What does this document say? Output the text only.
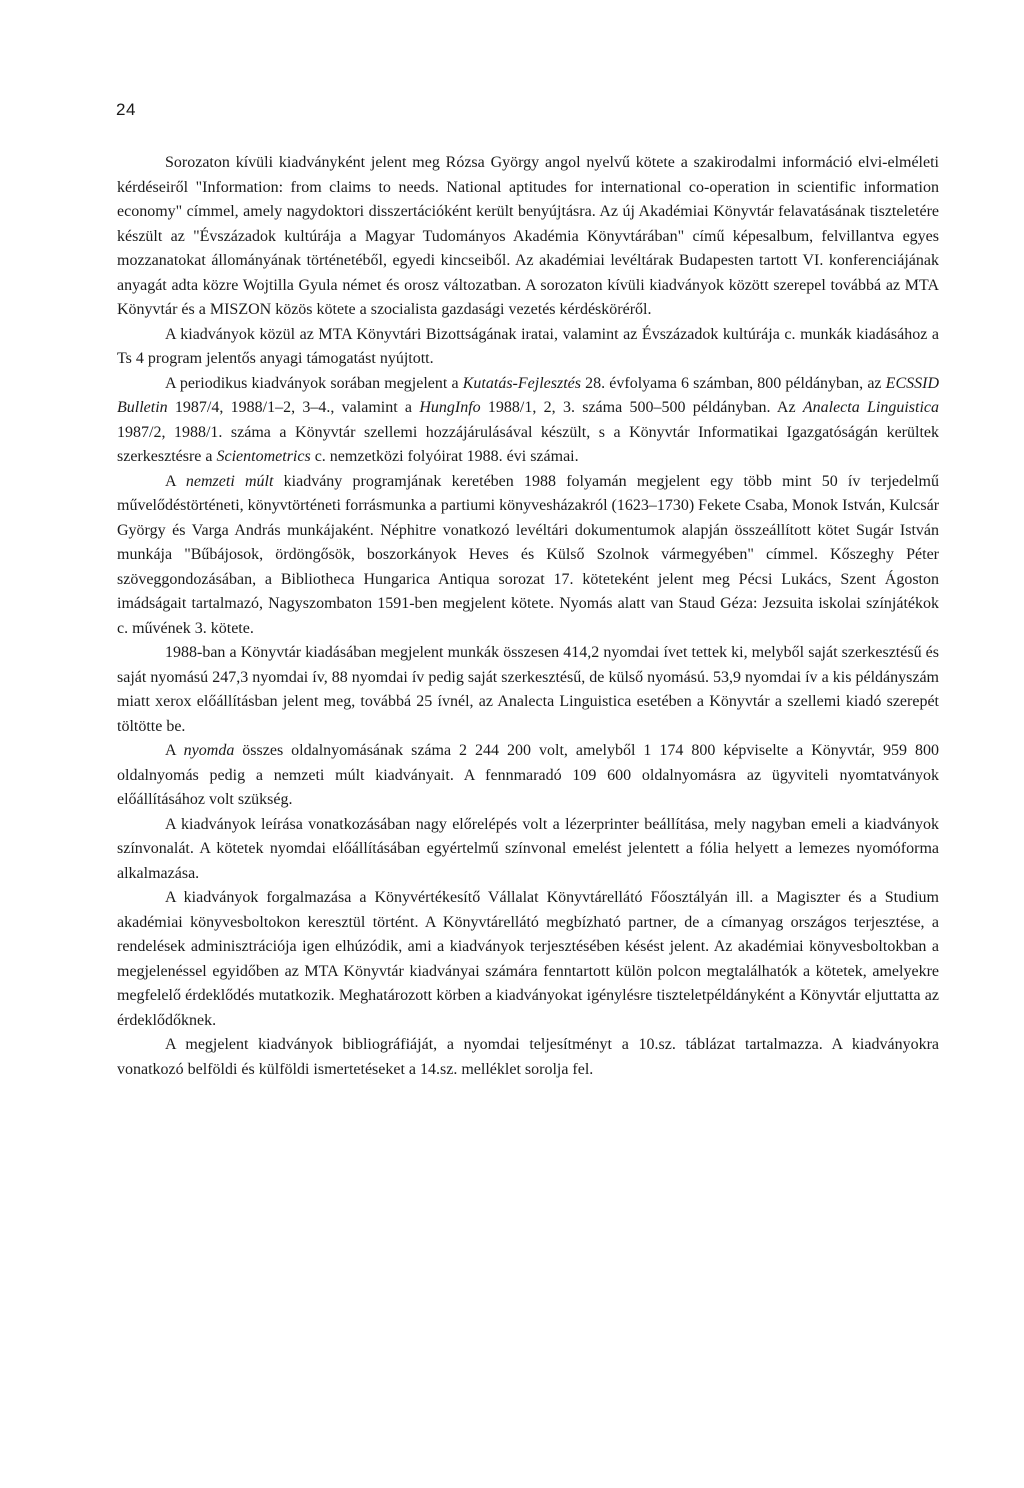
24

Sorozaton kívüli kiadványként jelent meg Rózsa György angol nyelvű kötete a szakirodalmi információ elvi-elméleti kérdéseiről "Information: from claims to needs. National aptitudes for international co-operation in scientific information economy" címmel, amely nagydoktori disszertációként került benyújtásra. Az új Akadémiai Könyvtár felavatásának tiszteletére készült az "Évszázadok kultúrája a Magyar Tudományos Akadémia Könyvtárában" című képesalbum, felvillantva egyes mozzanatokat állományának történetéből, egyedi kincseiből. Az akadémiai levéltárak Budapesten tartott VI. konferenciájának anyagát adta közre Wojtilla Gyula német és orosz változatban. A sorozaton kívüli kiadványok között szerepel továbbá az MTA Könyvtár és a MISZON közös kötete a szocialista gazdasági vezetés kérdésköréről.

A kiadványok közül az MTA Könyvtári Bizottságának iratai, valamint az Évszázadok kultúrája c. munkák kiadásához a Ts 4 program jelentős anyagi támogatást nyújtott.

A periodikus kiadványok sorában megjelent a Kutatás-Fejlesztés 28. évfolyama 6 számban, 800 példányban, az ECSSID Bulletin 1987/4, 1988/1–2, 3–4., valamint a HungInfo 1988/1, 2, 3. száma 500–500 példányban. Az Analecta Linguistica 1987/2, 1988/1. száma a Könyvtár szellemi hozzájárulásával készült, s a Könyvtár Informatikai Igazgatóságán kerültek szerkesztésre a Scientometrics c. nemzetközi folyóirat 1988. évi számai.

A nemzeti múlt kiadvány programjának keretében 1988 folyamán megjelent egy több mint 50 ív terjedelmű művelődéstörténeti, könyvtörténeti forrásmunka a partiumi könyvesházakról (1623–1730) Fekete Csaba, Monok István, Kulcsár György és Varga András munkájaként. Néphitre vonatkozó levéltári dokumentumok alapján összeállított kötet Sugár István munkája "Bűbájosok, ördöngősök, boszorkányok Heves és Külső Szolnok vármegyében" címmel. Kőszeghy Péter szöveggondozásában, a Bibliotheca Hungarica Antiqua sorozat 17. köteteként jelent meg Pécsi Lukács, Szent Ágoston imádságait tartalmazó, Nagyszombaton 1591-ben megjelent kötete. Nyomás alatt van Staud Géza: Jezsuita iskolai színjátékok c. művének 3. kötete.

1988-ban a Könyvtár kiadásában megjelent munkák összesen 414,2 nyomdai ívet tettek ki, melyből saját szerkesztésű és saját nyomású 247,3 nyomdai ív, 88 nyomdai ív pedig saját szerkesztésű, de külső nyomású. 53,9 nyomdai ív a kis példányszám miatt xerox előállításban jelent meg, továbbá 25 ívnél, az Analecta Linguistica esetében a Könyvtár a szellemi kiadó szerepét töltötte be.

A nyomda összes oldalnyomásának száma 2 244 200 volt, amelyből 1 174 800 képviselte a Könyvtár, 959 800 oldalnyomás pedig a nemzeti múlt kiadványait. A fennmaradó 109 600 oldalnyomásra az ügyviteli nyomtatványok előállításához volt szükség.

A kiadványok leírása vonatkozásában nagy előrelépés volt a lézerprinter beállítása, mely nagyban emeli a kiadványok színvonalát. A kötetek nyomdai előállításában egyértelmű színvonal emelést jelentett a fólia helyett a lemezes nyomóforma alkalmazása.

A kiadványok forgalmazása a Könyvértékesítő Vállalat Könyvtárellátó Főosztályán ill. a Magiszter és a Studium akadémiai könyvesboltokon keresztül történt. A Könyvtárellátó megbízható partner, de a címanyag országos terjesztése, a rendelések adminisztrációja igen elhúzódik, ami a kiadványok terjesztésében késést jelent. Az akadémiai könyvesboltokban a megjelenéssel egyidőben az MTA Könyvtár kiadványai számára fenntartott külön polcon megtalálhatók a kötetek, amelyekre megfelelő érdeklődés mutatkozik. Meghatározott körben a kiadványokat igénylésre tiszteletpéldányként a Könyvtár eljuttatta az érdeklődőknek.

A megjelent kiadványok bibliográfiáját, a nyomdai teljesítményt a 10.sz. táblázat tartalmazza. A kiadványokra vonatkozó belföldi és külföldi ismertetéseket a 14.sz. melléklet sorolja fel.
